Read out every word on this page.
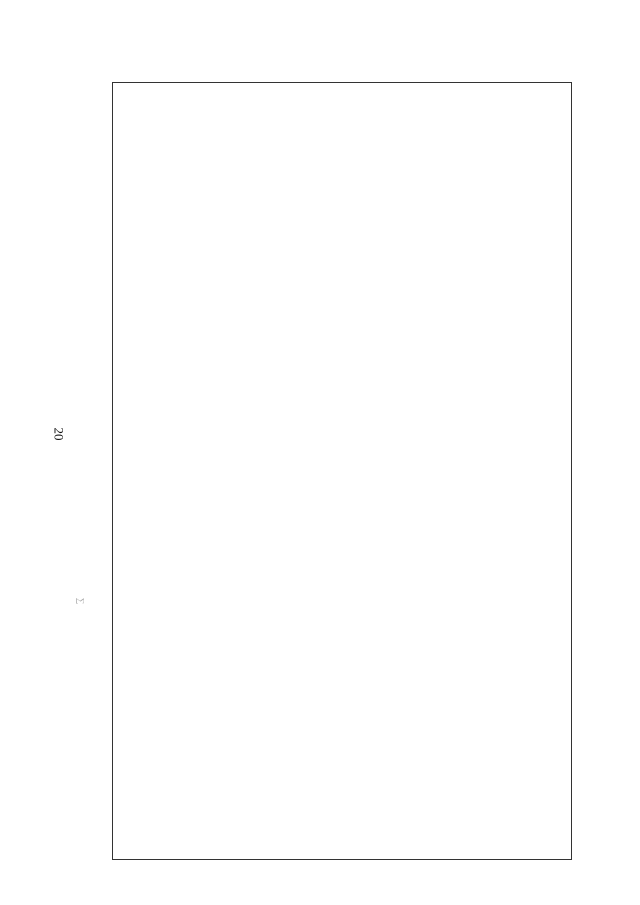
20
∑
